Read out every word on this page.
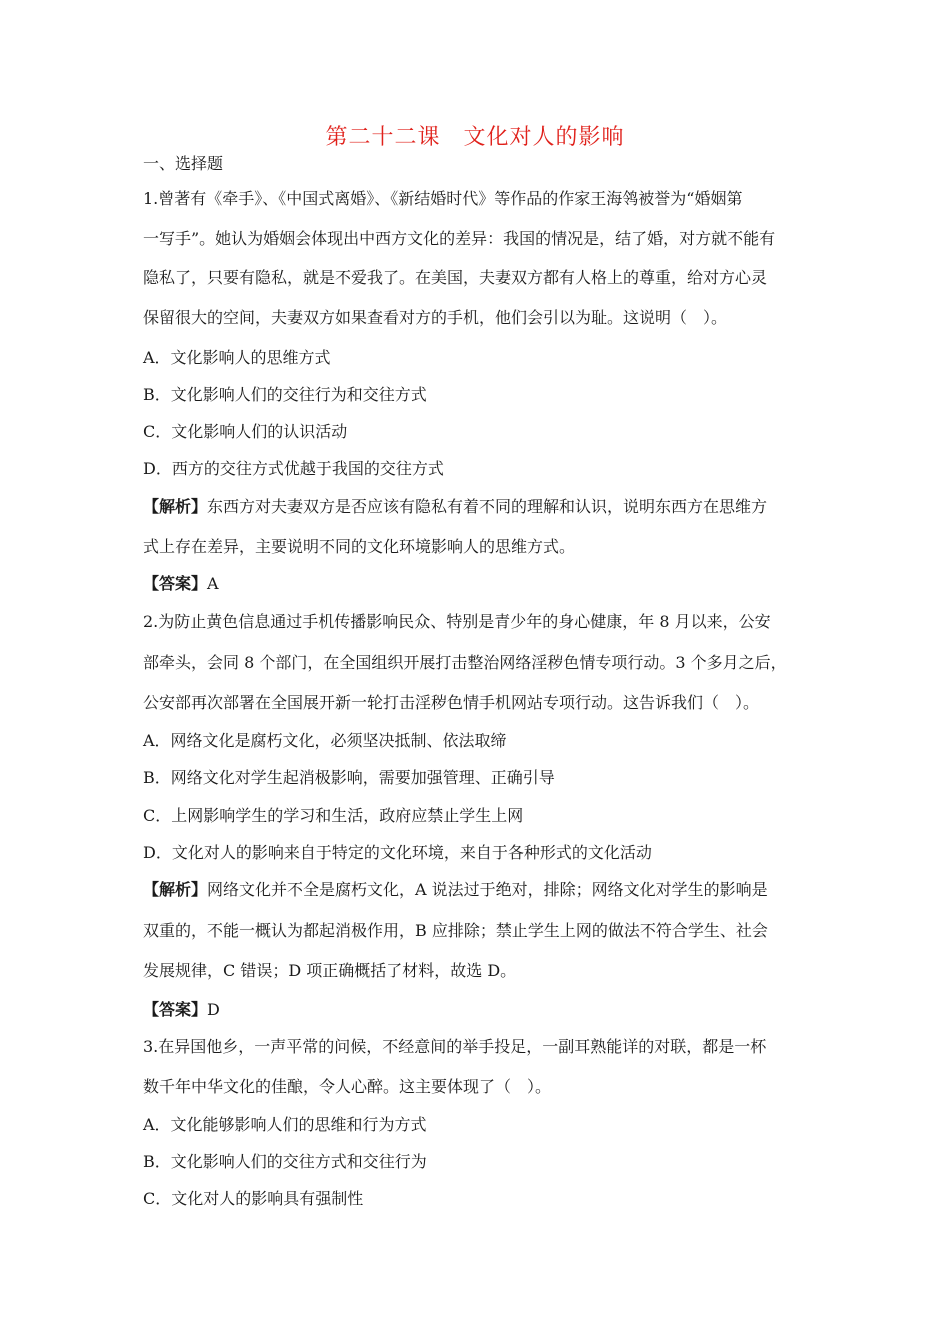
第二十二课　文化对人的影响
一、选择题
1.曾著有《牵手》、《中国式离婚》、《新结婚时代》等作品的作家王海鸰被誉为“婚姻第
一写手”。她认为婚姻会体现出中西方文化的差异：我国的情况是，结了婚，对方就不能有
隐私了，只要有隐私，就是不爱我了。在美国，夫妻双方都有人格上的尊重，给对方心灵
保留很大的空间，夫妻双方如果查看对方的手机，他们会引以为耻。这说明（　）。
A．文化影响人的思维方式
B．文化影响人们的交往行为和交往方式
C．文化影响人们的认识活动
D．西方的交往方式优越于我国的交往方式
【解析】东西方对夫妻双方是否应该有隐私有着不同的理解和认识，说明东西方在思维方
式上存在差异，主要说明不同的文化环境影响人的思维方式。
【答案】A
2.为防止黄色信息通过手机传播影响民众、特别是青少年的身心健康，年 8 月以来，公安
部牵头，会同 8 个部门，在全国组织开展打击整治网络淫秽色情专项行动。3 个多月之后，
公安部再次部署在全国展开新一轮打击淫秽色情手机网站专项行动。这告诉我们（　）。
A．网络文化是腐朽文化，必须坚决抵制、依法取缔
B．网络文化对学生起消极影响，需要加强管理、正确引导
C．上网影响学生的学习和生活，政府应禁止学生上网
D．文化对人的影响来自于特定的文化环境，来自于各种形式的文化活动
【解析】网络文化并不全是腐朽文化，A 说法过于绝对，排除；网络文化对学生的影响是
双重的，不能一概认为都起消极作用，B 应排除；禁止学生上网的做法不符合学生、社会
发展规律，C 错误；D 项正确概括了材料，故选 D。
【答案】D
3.在异国他乡，一声平常的问候，不经意间的举手投足，一副耳熟能详的对联，都是一杯
数千年中华文化的佳酿，令人心醉。这主要体现了（　）。
A．文化能够影响人们的思维和行为方式
B．文化影响人们的交往方式和交往行为
C．文化对人的影响具有强制性
